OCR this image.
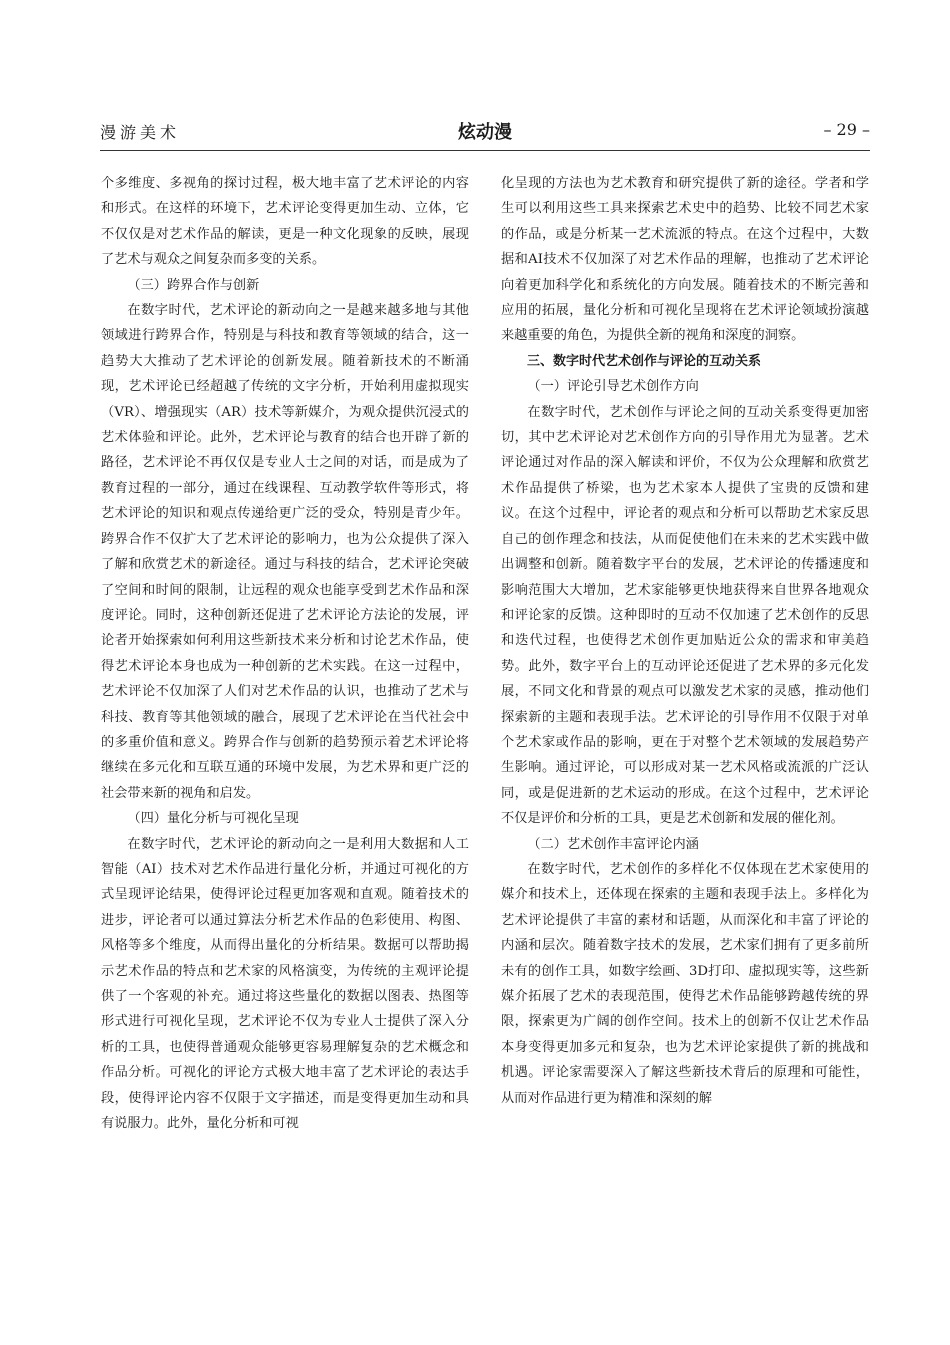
漫游美术	炫动漫	– 29 –

个多维度、多视角的探讨过程，极大地丰富了艺术评论的内容和形式。在这样的环境下，艺术评论变得更加生动、立体，它不仅仅是对艺术作品的解读，更是一种文化现象的反映，展现了艺术与观众之间复杂而多变的关系。

（三）跨界合作与创新

在数字时代，艺术评论的新动向之一是越来越多地与其他领域进行跨界合作，特别是与科技和教育等领域的结合，这一趋势大大推动了艺术评论的创新发展。随着新技术的不断涌现，艺术评论已经超越了传统的文字分析，开始利用虚拟现实（VR）、增强现实（AR）技术等新媒介，为观众提供沉浸式的艺术体验和评论。此外，艺术评论与教育的结合也开辟了新的路径，艺术评论不再仅仅是专业人士之间的对话，而是成为了教育过程的一部分，通过在线课程、互动教学软件等形式，将艺术评论的知识和观点传递给更广泛的受众，特别是青少年。跨界合作不仅扩大了艺术评论的影响力，也为公众提供了深入了解和欣赏艺术的新途径。通过与科技的结合，艺术评论突破了空间和时间的限制，让远程的观众也能享受到艺术作品和深度评论。同时，这种创新还促进了艺术评论方法论的发展，评论者开始探索如何利用这些新技术来分析和讨论艺术作品，使得艺术评论本身也成为一种创新的艺术实践。在这一过程中，艺术评论不仅加深了人们对艺术作品的认识，也推动了艺术与科技、教育等其他领域的融合，展现了艺术评论在当代社会中的多重价值和意义。跨界合作与创新的趋势预示着艺术评论将继续在多元化和互联互通的环境中发展，为艺术界和更广泛的社会带来新的视角和启发。

（四）量化分析与可视化呈现

在数字时代，艺术评论的新动向之一是利用大数据和人工智能（AI）技术对艺术作品进行量化分析，并通过可视化的方式呈现评论结果，使得评论过程更加客观和直观。随着技术的进步，评论者可以通过算法分析艺术作品的色彩使用、构图、风格等多个维度，从而得出量化的分析结果。数据可以帮助揭示艺术作品的特点和艺术家的风格演变，为传统的主观评论提供了一个客观的补充。通过将这些量化的数据以图表、热图等形式进行可视化呈现，艺术评论不仅为专业人士提供了深入分析的工具，也使得普通观众能够更容易理解复杂的艺术概念和作品分析。可视化的评论方式极大地丰富了艺术评论的表达手段，使得评论内容不仅限于文字描述，而是变得更加生动和具有说服力。此外，量化分析和可视

化呈现的方法也为艺术教育和研究提供了新的途径。学者和学生可以利用这些工具来探索艺术史中的趋势、比较不同艺术家的作品，或是分析某一艺术流派的特点。在这个过程中，大数据和AI技术不仅加深了对艺术作品的理解，也推动了艺术评论向着更加科学化和系统化的方向发展。随着技术的不断完善和应用的拓展，量化分析和可视化呈现将在艺术评论领域扮演越来越重要的角色，为提供全新的视角和深度的洞察。

三、数字时代艺术创作与评论的互动关系

（一）评论引导艺术创作方向

在数字时代，艺术创作与评论之间的互动关系变得更加密切，其中艺术评论对艺术创作方向的引导作用尤为显著。艺术评论通过对作品的深入解读和评价，不仅为公众理解和欣赏艺术作品提供了桥梁，也为艺术家本人提供了宝贵的反馈和建议。在这个过程中，评论者的观点和分析可以帮助艺术家反思自己的创作理念和技法，从而促使他们在未来的艺术实践中做出调整和创新。随着数字平台的发展，艺术评论的传播速度和影响范围大大增加，艺术家能够更快地获得来自世界各地观众和评论家的反馈。这种即时的互动不仅加速了艺术创作的反思和迭代过程，也使得艺术创作更加贴近公众的需求和审美趋势。此外，数字平台上的互动评论还促进了艺术界的多元化发展，不同文化和背景的观点可以激发艺术家的灵感，推动他们探索新的主题和表现手法。艺术评论的引导作用不仅限于对单个艺术家或作品的影响，更在于对整个艺术领域的发展趋势产生影响。通过评论，可以形成对某一艺术风格或流派的广泛认同，或是促进新的艺术运动的形成。在这个过程中，艺术评论不仅是评价和分析的工具，更是艺术创新和发展的催化剂。

（二）艺术创作丰富评论内涵

在数字时代，艺术创作的多样化不仅体现在艺术家使用的媒介和技术上，还体现在探索的主题和表现手法上。多样化为艺术评论提供了丰富的素材和话题，从而深化和丰富了评论的内涵和层次。随着数字技术的发展，艺术家们拥有了更多前所未有的创作工具，如数字绘画、3D打印、虚拟现实等，这些新媒介拓展了艺术的表现范围，使得艺术作品能够跨越传统的界限，探索更为广阔的创作空间。技术上的创新不仅让艺术作品本身变得更加多元和复杂，也为艺术评论家提供了新的挑战和机遇。评论家需要深入了解这些新技术背后的原理和可能性，从而对作品进行更为精准和深刻的解
